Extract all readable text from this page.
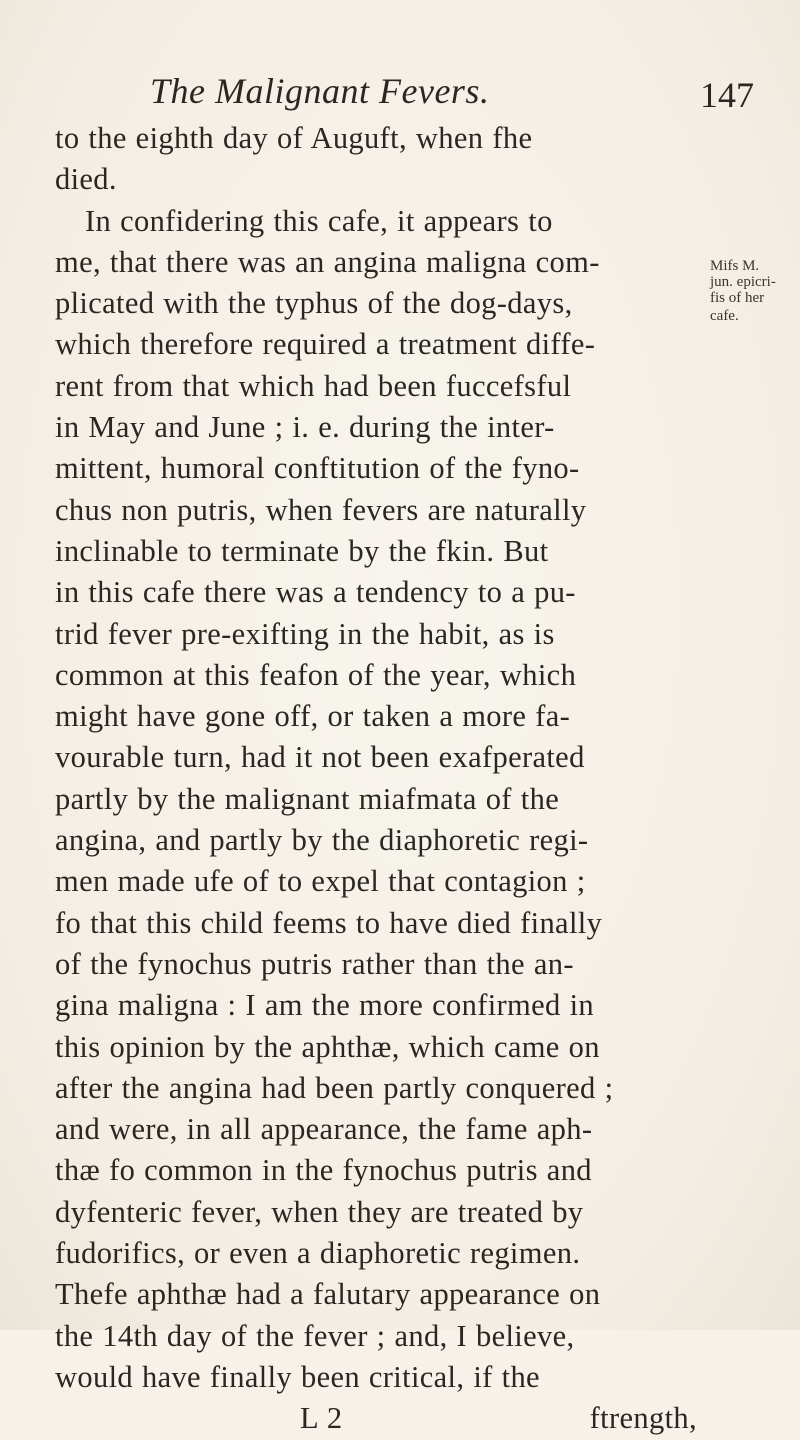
The Malignant Fevers.	147
to the eighth day of Auguft, when fhe
died.
In confidering this cafe, it appears to
me, that there was an angina maligna com-
plicated with the typhus of the dog-days,
which therefore required a treatment diffe-
rent from that which had been fuccefsful
in May and June ; i. e. during the inter-
mittent, humoral conftitution of the fyno-
chus non putris, when fevers are naturally
inclinable to terminate by the fkin. But
in this cafe there was a tendency to a pu-
trid fever pre-exifting in the habit, as is
common at this feafon of the year, which
might have gone off, or taken a more fa-
vourable turn, had it not been exafperated
partly by the malignant miafmata of the
angina, and partly by the diaphoretic regi-
men made ufe of to expel that contagion ;
fo that this child feems to have died finally
of the fynochus putris rather than the an-
gina maligna : I am the more confirmed in
this opinion by the aphthæ, which came on
after the angina had been partly conquered ;
and were, in all appearance, the fame aph-
thæ fo common in the fynochus putris and
dyfenteric fever, when they are treated by
fudorifics, or even a diaphoretic regimen.
Thefe aphthæ had a falutary appearance on
the 14th day of the fever ; and, I believe,
would have finally been critical, if the
L 2	ftrength,
Mifs M.
jun. epicri-
fis of her
cafe.
